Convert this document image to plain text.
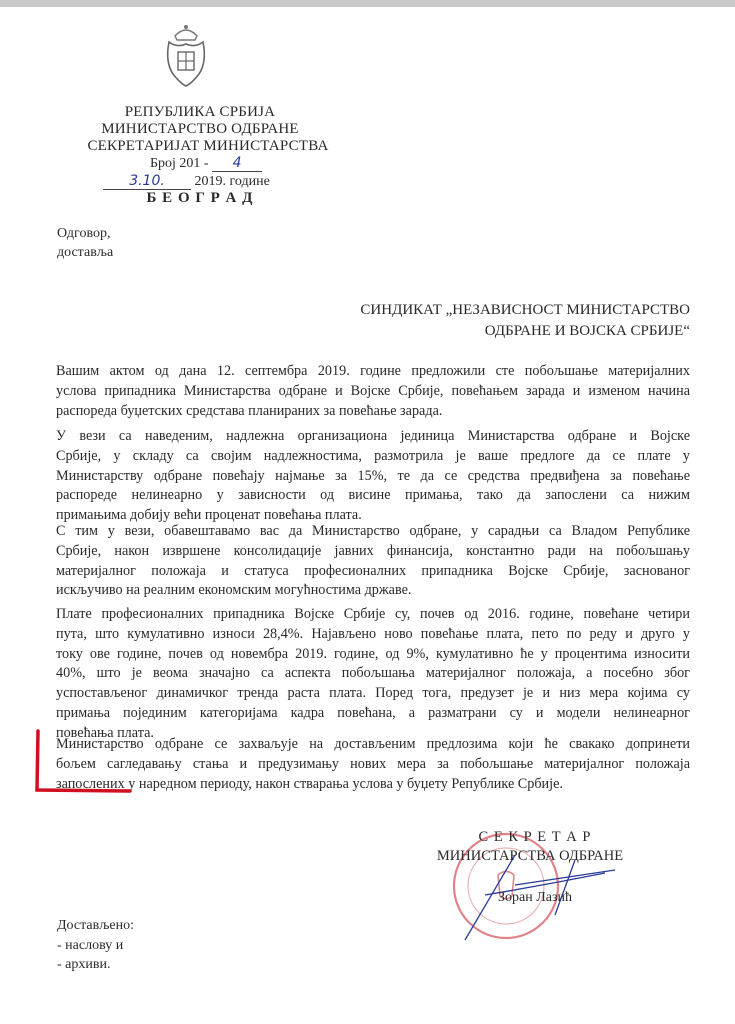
РЕПУБЛИКА СРБИЈА
МИНИСТАРСТВО ОДБРАНЕ
СЕКРЕТАРИЈАТ МИНИСТАРСТВА
Број 201 - 4
3.10. 2019. године
Б Е О Г Р А Д
Одговор,
доставља
СИНДИКАТ „НЕЗАВИСНОСТ МИНИСТАРСТВО
ОДБРАНЕ И ВОЈСКА СРБИЈЕ“
Вашим актом од дана 12. септембра 2019. године предложили сте побољшање материјалних
услова припадника Министарства одбране и Војске Србије, повећањем зарада и изменом начина
распореда буџетских средстава планираних за повећање зарада.
У вези са наведеним, надлежна организациона јединица Министарства одбране и Војске
Србије, у складу са својим надлежностима, размотрила је ваше предлоге да се плате у
Министарству одбране повећају најмање за 15%, те да се средства предвиђена за повећање
распореде нелинеарно у зависности од висине примања, тако да запослени са нижим
примањима добију већи проценат повећања плата.
С тим у вези, обавештавамо вас да Министарство одбране, у сарадњи са Владом Републике
Србије, након извршене консолидације јавних финансија, константно ради на побољшању
материјалног положаја и статуса професионалних припадника Војске Србије, заснованог
искључиво на реалним економским могућностима државе.
Плате професионалних припадника Војске Србије су, почев од 2016. године, повећане четири
пута, што кумулативно износи 28,4%. Најављено ново повећање плата, пето по реду и друго у
току ове године, почев од новембра 2019. године, од 9%, кумулативно ће у процентима износити
40%, што је веома значајно са аспекта побољшања материјалног положаја, а посебно због
успостављеног динамичког тренда раста плата. Поред тога, предузет је и низ мера којима су
примања појединим категоријама кадра повећана, а разматрани су и модели нелинеарног
повећања плата.
Министарство одбране се захваљује на достављеним предлозима који ће свакако допринети
бољем сагледавању стања и предузимању нових мера за побољшање материјалног положаја
запослених у наредном периоду, након стварања услова у буџету Републике Србије.
С Е К Р Е Т А Р
МИНИСТАРСТВА ОДБРАНЕ
Зоран Лазић
Достављено:
- наслову и
- архиви.
